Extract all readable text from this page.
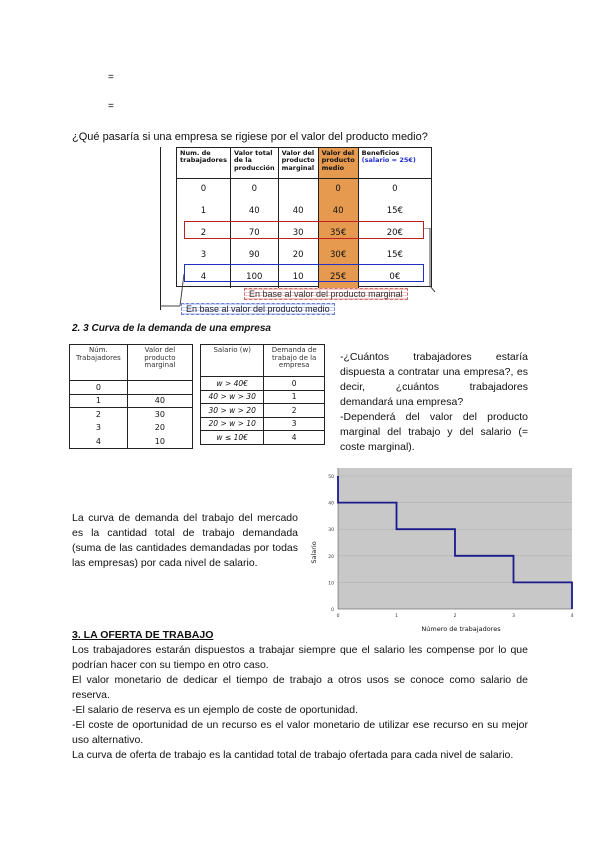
=
=
¿Qué pasaría si una empresa se rigiese por el valor del producto medio?
Num. de trabajadores	Valor total de la producción	Valor del producto marginal	Valor del producto medio	Beneficios
(salario = 25€)
0	0		0	0
1	40	40	40	15€
2	70	30	35€	20€
3	90	20	30€	15€
4	100	10	25€	0€
En base al valor del producto marginal
En base al valor del producto medio
2. 3 Curva de la demanda de una empresa
Núm. Trabajadores	Valor del producto marginal
0	
1	40
2	30
3	20
4	10
Salario (w)	Demanda de trabajo de la empresa
w > 40€	0
40 > w > 30	1
30 > w > 20	2
20 > w > 10	3
w ≤ 10€	4

-¿Cuántos trabajadores estaría dispuesta a contratar una empresa?, es decir, ¿cuántos trabajadores demandará una empresa?

-Dependerá del valor del producto marginal del trabajo y del salario (= coste marginal).

La curva de demanda del trabajo del mercado es la cantidad total de trabajo demandada (suma de las cantidades demandadas por todas las empresas) por cada nivel de salario.
0
10
20
30
40
50
0	1	2	3	4
Número de trabajadores
Salario
3. LA OFERTA DE TRABAJO

Los trabajadores estarán dispuestos a trabajar siempre que el salario les compense por lo que podrían hacer con su tiempo en otro caso.

El valor monetario de dedicar el tiempo de trabajo a otros usos se conoce como salario de reserva.

-El salario de reserva es un ejemplo de coste de oportunidad.

-El coste de oportunidad de un recurso es el valor monetario de utilizar ese recurso en su mejor uso alternativo.

La curva de oferta de trabajo es la cantidad total de trabajo ofertada para cada nivel de salario.
